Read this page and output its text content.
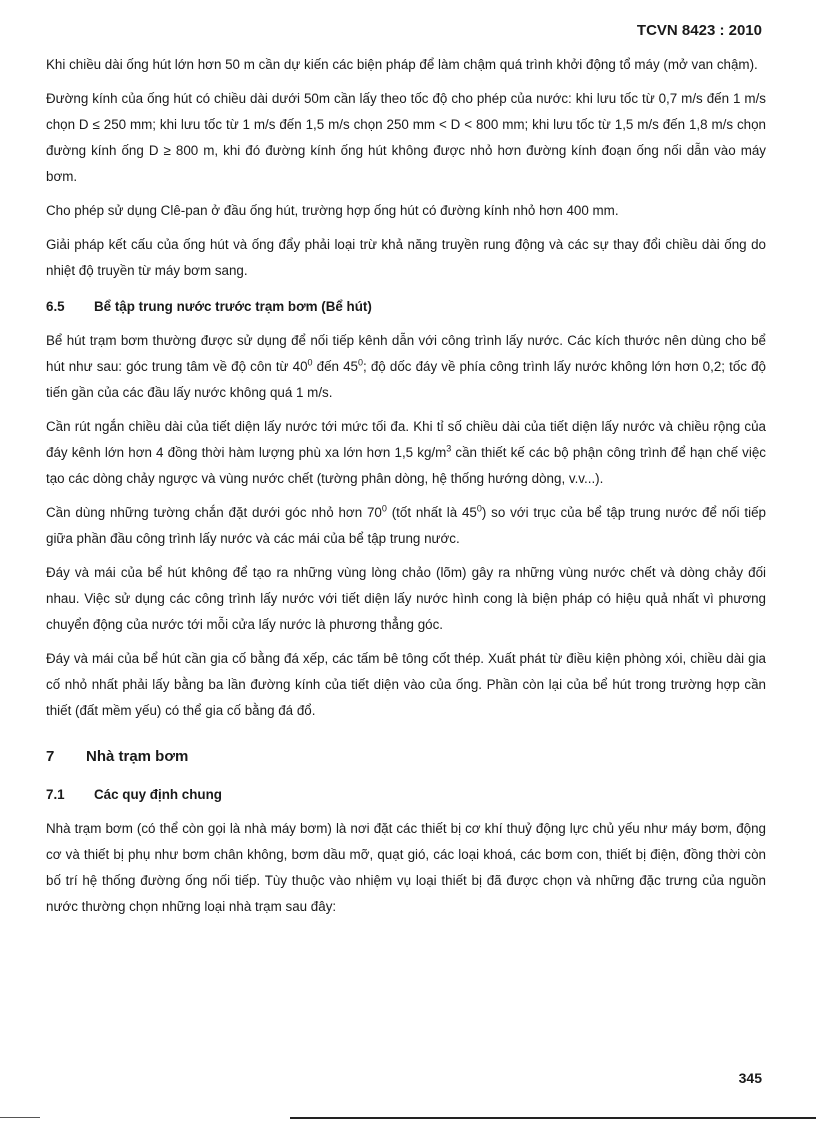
TCVN 8423 : 2010

Khi chiều dài ống hút lớn hơn 50 m cần dự kiến các biện pháp để làm chậm quá trình khởi động tổ máy (mở van chậm).

Đường kính của ống hút có chiều dài dưới 50m cần lấy theo tốc độ cho phép của nước: khi lưu tốc từ 0,7 m/s đến 1 m/s chọn D ≤ 250 mm; khi lưu tốc từ 1 m/s đến 1,5 m/s chọn 250 mm < D < 800 mm; khi lưu tốc từ 1,5 m/s đến 1,8 m/s chọn đường kính ống D ≥ 800 m, khi đó đường kính ống hút không được nhỏ hơn đường kính đoạn ống nối dẫn vào máy bơm.

Cho phép sử dụng Clê-pan ở đầu ống hút, trường hợp ống hút có đường kính nhỏ hơn 400 mm.

Giải pháp kết cấu của ống hút và ống đẩy phải loại trừ khả năng truyền rung động và các sự thay đổi chiều dài ống do nhiệt độ truyền từ máy bơm sang.

6.5 Bể tập trung nước trước trạm bơm (Bể hút)

Bể hút trạm bơm thường được sử dụng để nối tiếp kênh dẫn với công trình lấy nước. Các kích thước nên dùng cho bể hút như sau: góc trung tâm về độ côn từ $40^0$ đến $45^0$; độ dốc đáy về phía công trình lấy nước không lớn hơn 0,2; tốc độ tiến gần của các đầu lấy nước không quá 1 m/s.

Cần rút ngắn chiều dài của tiết diện lấy nước tới mức tối đa. Khi tỉ số chiều dài của tiết diện lấy nước và chiều rộng của đáy kênh lớn hơn 4 đồng thời hàm lượng phù xa lớn hơn 1,5 $kg/m^3$ cần thiết kế các bộ phận công trình để hạn chế việc tạo các dòng chảy ngược và vùng nước chết (tường phân dòng, hệ thống hướng dòng, v.v...).

Cần dùng những tường chắn đặt dưới góc nhỏ hơn $70^0$ (tốt nhất là $45^0$) so với trục của bể tập trung nước để nối tiếp giữa phần đầu công trình lấy nước và các mái của bể tập trung nước.

Đáy và mái của bể hút không để tạo ra những vùng lòng chảo (lõm) gây ra những vùng nước chết và dòng chảy đối nhau. Việc sử dụng các công trình lấy nước với tiết diện lấy nước hình cong là biện pháp có hiệu quả nhất vì phương chuyển động của nước tới mỗi cửa lấy nước là phương thẳng góc.

Đáy và mái của bể hút cần gia cố bằng đá xếp, các tấm bê tông cốt thép. Xuất phát từ điều kiện phòng xói, chiều dài gia cố nhỏ nhất phải lấy bằng ba lần đường kính của tiết diện vào của ống. Phần còn lại của bể hút trong trường hợp cần thiết (đất mềm yếu) có thể gia cố bằng đá đổ.

7 Nhà trạm bơm
7.1 Các quy định chung

Nhà trạm bơm (có thể còn gọi là nhà máy bơm) là nơi đặt các thiết bị cơ khí thuỷ động lực chủ yếu như máy bơm, động cơ và thiết bị phụ như bơm chân không, bơm dầu mỡ, quạt gió, các loại khoá, các bơm con, thiết bị điện, đồng thời còn bố trí hệ thống đường ống nối tiếp. Tùy thuộc vào nhiệm vụ loại thiết bị đã được chọn và những đặc trưng của nguồn nước thường chọn những loại nhà trạm sau đây:

345
